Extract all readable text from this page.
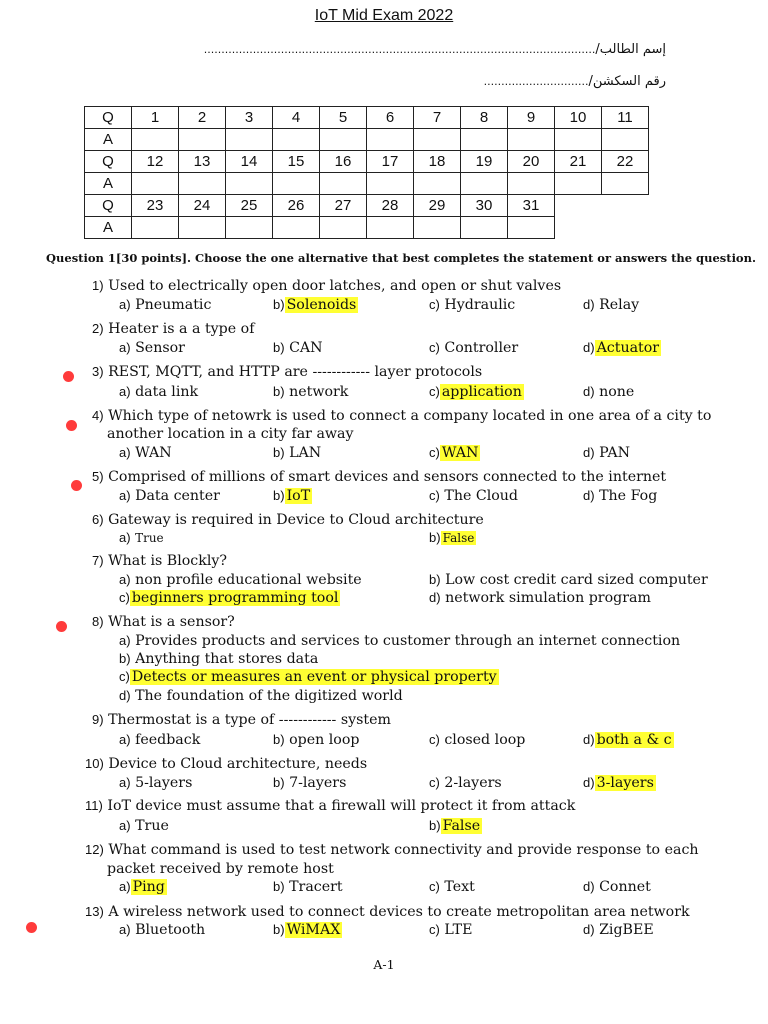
IoT Mid Exam 2022
إسم الطالب/................................................................................................................
رقم السكشن/..............................
Q	1	2	3	4	5	6	7	8	9	10	11
A											
Q	12	13	14	15	16	17	18	19	20	21	22
A											
Q	23	24	25	26	27	28	29	30	31		
A											
Question 1[30 points]. Choose the one alternative that best completes the statement or answers the question.
1) Used to electrically open door latches, and open or shut valves
a) Pneumatic	b) Solenoids	c) Hydraulic	d) Relay
2) Heater is a a type of
a) Sensor	b) CAN	c) Controller	d) Actuator
3) REST, MQTT, and HTTP are ------------ layer protocols
a) data link	b) network	c) application	d) none
4) Which type of netowrk is used to connect a company located in one area of a city to
another location in a city far away
a) WAN	b) LAN	c) WAN	d) PAN
5) Comprised of millions of smart devices and sensors connected to the internet
a) Data center	b) IoT	c) The Cloud	d) The Fog
6) Gateway is required in Device to Cloud architecture
a) True	b) False
7) What is Blockly?
a) non profile educational website	b) Low cost credit card sized computer
c) beginners programming tool	d) network simulation program
8) What is a sensor?
a) Provides products and services to customer through an internet connection
b) Anything that stores data
c) Detects or measures an event or physical property
d) The foundation of the digitized world
9) Thermostat is a type of ------------ system
a) feedback	b) open loop	c) closed loop	d) both a & c
10) Device to Cloud architecture, needs
a) 5-layers	b) 7-layers	c) 2-layers	d) 3-layers
11) IoT device must assume that a firewall will protect it from attack
a) True	b) False
12) What command is used to test network connectivity and provide response to each
packet received by remote host
a) Ping	b) Tracert	c) Text	d) Connet
13) A wireless network used to connect devices to create metropolitan area network
a) Bluetooth	b) WiMAX	c) LTE	d) ZigBEE
A-1
